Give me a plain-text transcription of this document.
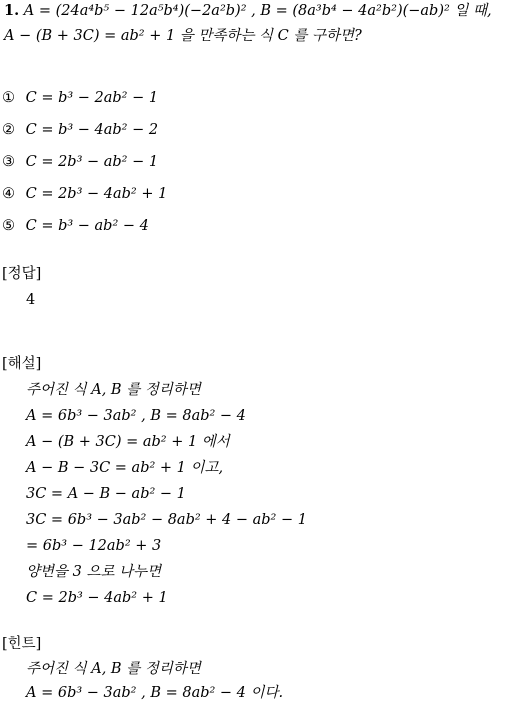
1. A = (24a⁴b⁵ − 12a⁵b⁴)(−2a²b)² , B = (8a³b⁴ − 4a²b²)(−ab)² 일 때,
A − (B + 3C) = ab² + 1 을 만족하는 식 C 를 구하면?
① C = b³ − 2ab² − 1
② C = b³ − 4ab² − 2
③ C = 2b³ − ab² − 1
④ C = 2b³ − 4ab² + 1
⑤ C = b³ − ab² − 4
[정답]
4
[해설]
주어진 식 A, B 를 정리하면
A = 6b³ − 3ab² , B = 8ab² − 4
A − (B + 3C) = ab² + 1 에서
A − B − 3C = ab² + 1 이고,
3C = A − B − ab² − 1
3C = 6b³ − 3ab² − 8ab² + 4 − ab² − 1
= 6b³ − 12ab² + 3
양변을 3 으로 나누면
C = 2b³ − 4ab² + 1
[힌트]
주어진 식 A, B 를 정리하면
A = 6b³ − 3ab² , B = 8ab² − 4 이다.
